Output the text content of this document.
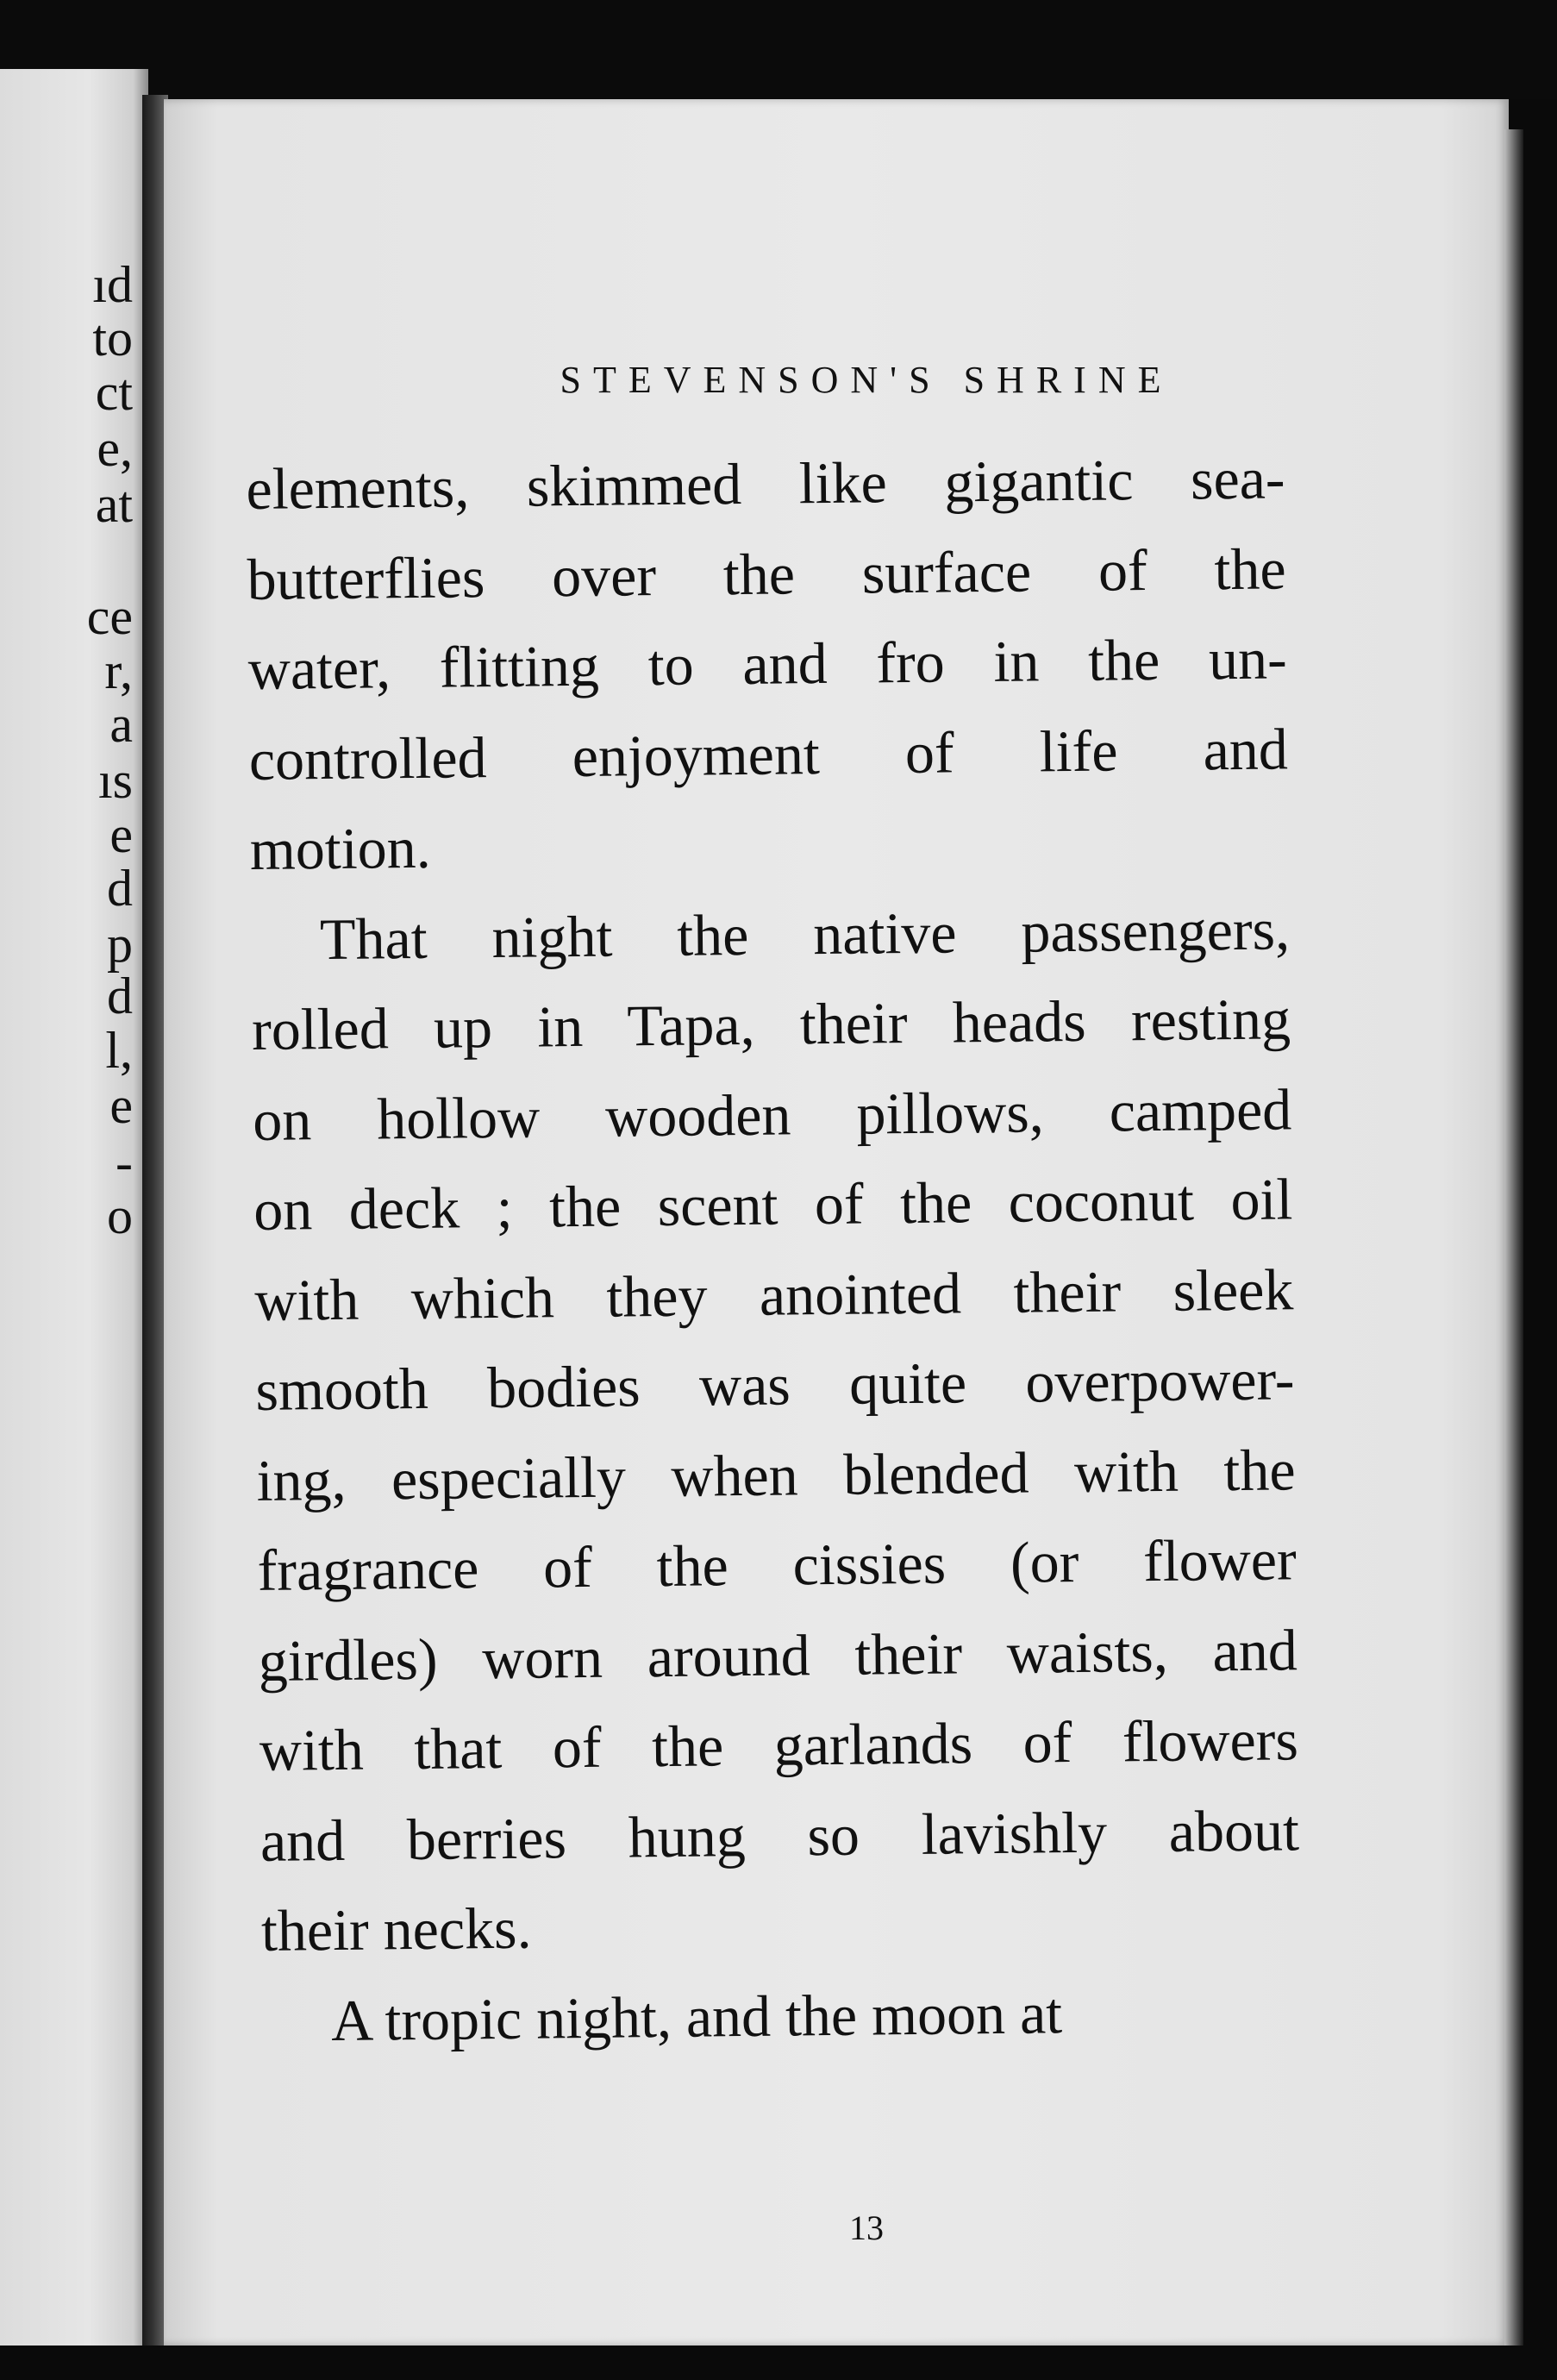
ıd
to
ct
e,
at
ce
r,
a
ıs
e
d
p
d
l,
e
-
o
STEVENSON'S SHRINE
elements, skimmed like gigantic sea-
butterflies over the surface of the
water, flitting to and fro in the un-
controlled enjoyment of life and
motion.
That night the native passengers,
rolled up in Tapa, their heads resting
on hollow wooden pillows, camped
on deck ; the scent of the coconut oil
with which they anointed their sleek
smooth bodies was quite overpower-
ing, especially when blended with the
fragrance of the cissies (or flower
girdles) worn around their waists, and
with that of the garlands of flowers
and berries hung so lavishly about
their necks.
A tropic night, and the moon at
13
